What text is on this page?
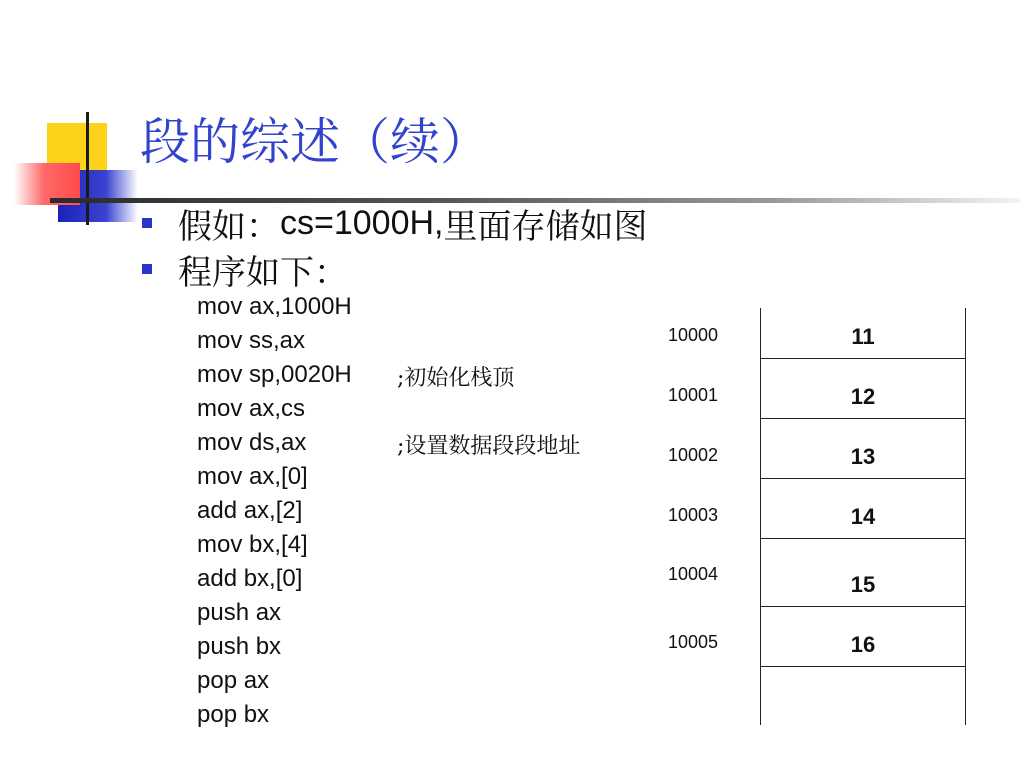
段的综述（续）
假如： cs=1000H, 里面存储如图
程序如下：
mov ax,1000H
mov ss,ax
mov sp,0020H
mov ax,cs
mov ds,ax
mov ax,[0]
add ax,[2]
mov bx,[4]
add bx,[0]
push ax
push bx
pop ax
pop bx
;初始化栈顶
;设置数据段段地址
10000
10001
10002
10003
10004
10005
11
12
13
14
15
16
